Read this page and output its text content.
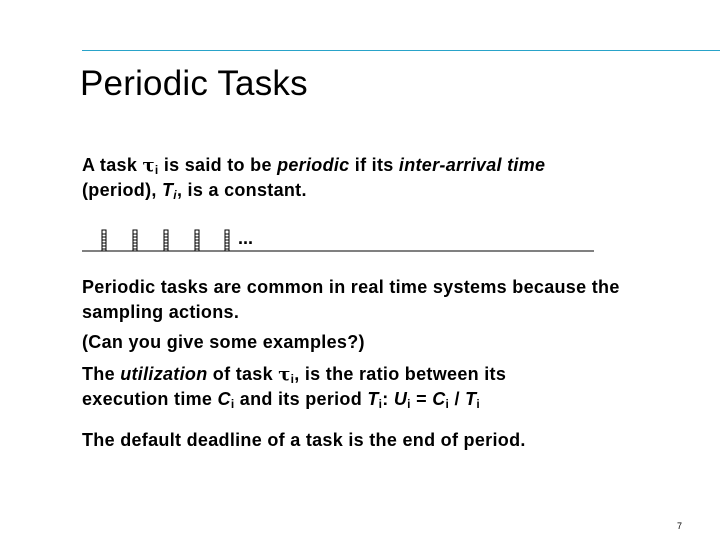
Periodic Tasks
A task $\tau_i$ is said to be periodic if its inter-arrival time
(period), $T_i$, is a constant.
...
Periodic tasks are common in real time systems because the sampling actions.
(Can you give some examples?)
The utilization of task $\tau_i$, is the ratio between its
execution time $C_i$ and its period $T_i$: $U_i = C_i / T_i$
The default deadline of a task is the end of period.
7
